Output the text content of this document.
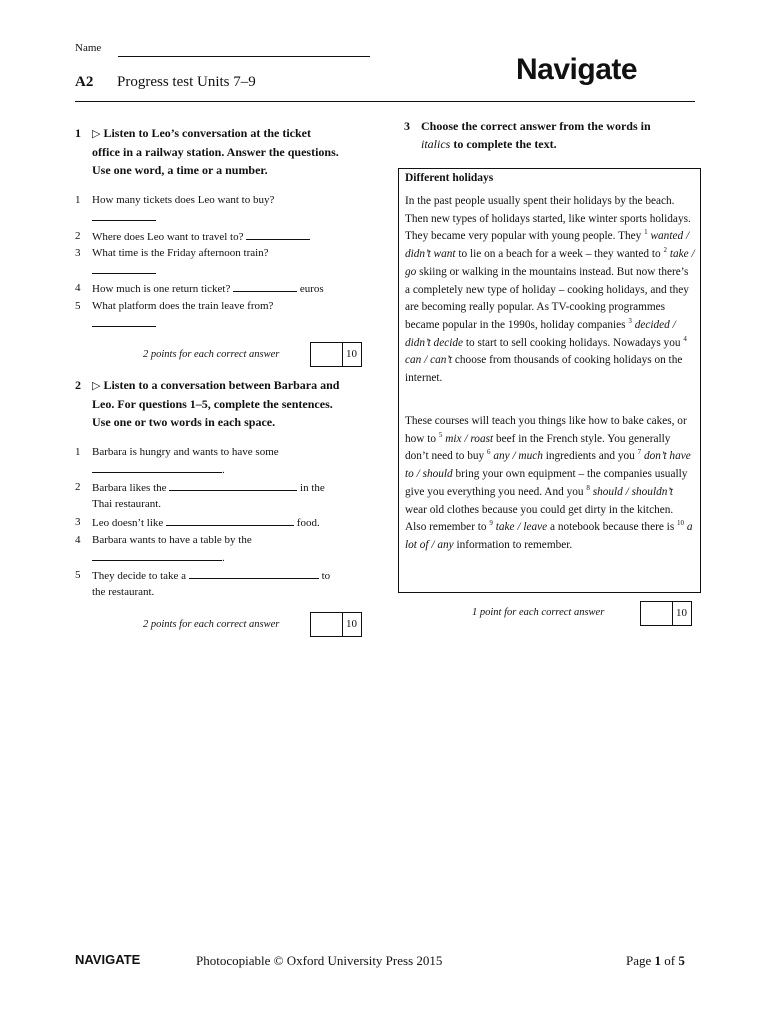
Name
A2 Progress test Units 7–9	Navigate
1 ▷ Listen to Leo’s conversation at the ticket
office in a railway station. Answer the questions.
Use one word, a time or a number.
1 How many tickets does Leo want to buy?
2 Where does Leo want to travel to?
3 What time is the Friday afternoon train?
4 How much is one return ticket?	euros
5 What platform does the train leave from?
2 points for each correct answer	10
2 ▷ Listen to a conversation between Barbara and
Leo. For questions 1–5, complete the sentences.
Use one or two words in each space.
1 Barbara is hungry and wants to have some
.
2 Barbara likes the	in the
Thai restaurant.
3 Leo doesn’t like	food.
4 Barbara wants to have a table by the
.
5 They decide to take a	to
the restaurant.
2 points for each correct answer	10
3 Choose the correct answer from the words in
italics to complete the text.
Different holidays
In the past people usually spent their holidays by the beach. Then new types of holidays started, like winter sports holidays. They became very popular with young people. They $^1$ wanted / didn’t want to lie on a beach for a week – they wanted to $^2$ take / go skiing or walking in the mountains instead. But now there’s a completely new type of holiday – cooking holidays, and they are becoming really popular. As TV-cooking programmes became popular in the 1990s, holiday companies $^3$ decided / didn’t decide to start to sell cooking holidays. Nowadays you $^4$ can / can’t choose from thousands of cooking holidays on the internet.
These courses will teach you things like how to bake cakes, or how to $^5$ mix / roast beef in the French style. You generally don’t need to buy $^6$ any / much ingredients and you $^7$ don’t have to / should bring your own equipment – the companies usually give you everything you need. And you $^8$ should / shouldn’t wear old clothes because you could get dirty in the kitchen. Also remember to $^9$ take / leave a notebook because there is $^{10}$ a lot of / any information to remember.
1 point for each correct answer	10
NAVIGATE	Photocopiable © Oxford University Press 2015	Page 1 of 5
